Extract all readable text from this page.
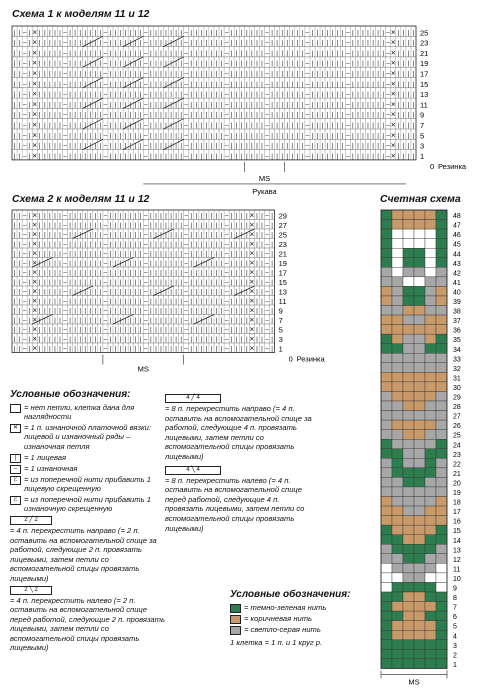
Схема 1 к моделям 11 и 12
| | – | ✕ | | | | | – | | | | | | | – | | | | | | | – | | | | | | | – | | | | | | | – | | | | | | | – | | | | | | | – | | | | | | | – | | | | | | | – ✕ | | | |
| | – | ✕ | | | | | – | | | | | | | – | | | | | | | – | | | | | | | – | | | | | | | – | | | | | | | – | | | | | | | – | | | | | | | – | | | | | | | – ✕ | | | |
| | – | ✕ | | | | | – | | | | | | | – | | | | | | | – | | | | | | | – | | | | | | | – | | | | | | | – | | | | | | | – | | | | | | | – | | | | | | | – ✕ | | | |
| | – | ✕ | | | | | – | | | | | | | – | | | | | | | – | | | | | | | – | | | | | | | – | | | | | | | – | | | | | | | – | | | | | | | – | | | | | | | – ✕ | | | |
| | – | ✕ | | | | | – | | | | | | | – | | | | | | | – | | | | | | | – | | | | | | | – | | | | | | | – | | | | | | | – | | | | | | | – | | | | | | | – ✕ | | | |
| | – | ✕ | | | | | – | | | | | | | – | | | | | | | – | | | | | | | – | | | | | | | – | | | | | | | – | | | | | | | – | | | | | | | – | | | | | | | – ✕ | | | |
| | – | ✕ | | | | | – | | | | | | | – | | | | | | | – | | | | | | | – | | | | | | | – | | | | | | | – | | | | | | | – | | | | | | | – | | | | | | | – ✕ | | | |
| | – | ✕ | | | | | – | | | | | | | – | | | | | | | – | | | | | | | – | | | | | | | – | | | | | | | – | | | | | | | – | | | | | | | – | | | | | | | – ✕ | | | |
| | – | ✕ | | | | | – | | | | | | | – | | | | | | | – | | | | | | | – | | | | | | | – | | | | | | | – | | | | | | | – | | | | | | | – | | | | | | | – ✕ | | | |
| | – | ✕ | | | | | – | | | | | | | – | | | | | | | – | | | | | | | – | | | | | | | – | | | | | | | – | | | | | | | – | | | | | | | – | | | | | | | – ✕ | | | |
| | – | ✕ | | | | | – | | | | | | | – | | | | | | | – | | | | | | | – | | | | | | | – | | | | | | | – | | | | | | | – | | | | | | | – | | | | | | | – ✕ | | | |
| | – | ✕ | | | | | – | | | | | | | – | | | | | | | – | | | | | | | – | | | | | | | – | | | | | | | – | | | | | | | – | | | | | | | – | | | | | | | – ✕ | | | |
| | – | ✕ | | | | | – | | | | | | | – | | | | | | | – | | | | | | | – | | | | | | | – | | | | | | | – | | | | | | | – | | | | | | | – | | | | | | | – ✕ | | | |
25
23
21
19
17
15
13
11
9
7
5
3
1
0 Резинка
MS
Рукава
Схема 2 к моделям 11 и 12
| | – | ✕ | | | | | – | | | | | | | – | | | | | | | – | | | | | | | – | | | | | | | – | | | | ✕ | | – |
| | – | ✕ | | | | | – | | | | | | | – | | | | | | | – | | | | | | | – | | | | | | | – | | | | ✕ | | – |
| | – | ✕ | | | | | – | | | | | | | – | | | | | | | – | | | | | | | – | | | | | | | – | | | | ✕ | | – |
| | – | ✕ | | | | | – | | | | | | | – | | | | | | | – | | | | | | | – | | | | | | | – | | | | ✕ | | – |
| | – | ✕ | | | | | – | | | | | | | – | | | | | | | – | | | | | | | – | | | | | | | – | | | | ✕ | | – |
| | – | ✕ | | | | | – | | | | | | | – | | | | | | | – | | | | | | | – | | | | | | | – | | | | ✕ | | – |
| | – | ✕ | | | | | – | | | | | | | – | | | | | | | – | | | | | | | – | | | | | | | – | | | | ✕ | | – |
| | – | ✕ | | | | | – | | | | | | | – | | | | | | | – | | | | | | | – | | | | | | | – | | | | ✕ | | – |
| | – | ✕ | | | | | – | | | | | | | – | | | | | | | – | | | | | | | – | | | | | | | – | | | | ✕ | | – |
| | – | ✕ | | | | | – | | | | | | | – | | | | | | | – | | | | | | | – | | | | | | | – | | | | ✕ | | – |
| | – | ✕ | | | | | – | | | | | | | – | | | | | | | – | | | | | | | – | | | | | | | – | | | | ✕ | | – |
| | – | ✕ | | | | | – | | | | | | | – | | | | | | | – | | | | | | | – | | | | | | | – | | | | ✕ | | – |
| | – | ✕ | | | | | – | | | | | | | – | | | | | | | – | | | | | | | – | | | | | | | – | | | | ✕ | | – |
| | – | ✕ | | | | | – | | | | | | | – | | | | | | | – | | | | | | | – | | | | | | | – | | | | ✕ | | – |
| | – | ✕ | | | | | – | | | | | | | – | | | | | | | – | | | | | | | – | | | | | | | – | | | | ✕ | | – |
29
27
25
23
21
19
17
15
13
11
9
7
5
3
1
0 Резинка
MS
Счетная схема
48
47
46
45
44
43
42
41
40
39
38
37
36
35
34
33
32
31
30
29
28
27
26
25
24
23
22
21
20
19
18
17
16
15
14
13
12
11
10
9
8
7
6
5
4
3
2
1
MS
Условные обозначения:
= нет петли, клетка дана для наглядности
✕ = 1 п. изнаночной платочной вязки: лицевой и изнаночный ряды – изнаночная петля
|	= 1 лицевая
– = 1 изнаночная
ℰ = из поперечной нити прибавить 1 лицевую скрещенную
ℰ = из поперечной нити прибавить 1 изнаночную скрещенную
2 ╱ 2
= 4 п. перекрестить направо (= 2 п. оставить на вспомогательной спице за работой, следующие 2 п. провязать лицевыми, затем петли со вспомогательной спицы провязать лицевыми)
2 ╲ 2
= 4 п. перекрестить налево (= 2 п. оставить на вспомогательной спице перед работой, следующие 2 п. провязать лицевыми, затем петли со вспомогательной спицы провязать лицевыми)
4 ╱ 4
= 8 п. перекрестить направо (= 4 п. оставить на вспомогательной спице за работой, следующие 4 п. провязать лицевыми, затем петли со вспомогательной спицы провязать лицевыми)
4 ╲ 4
= 8 п. перекрестить налево (= 4 п. оставить на вспомогательной спице перед работой, следующие 4 п. провязать лицевыми, затем петли со вспомогательной спицы провязать лицевыми)
Условные обозначения:
= темно-зеленая нить
= коричневая нить
= светло-серая нить
1 клетка = 1 п. и 1 круг р.
